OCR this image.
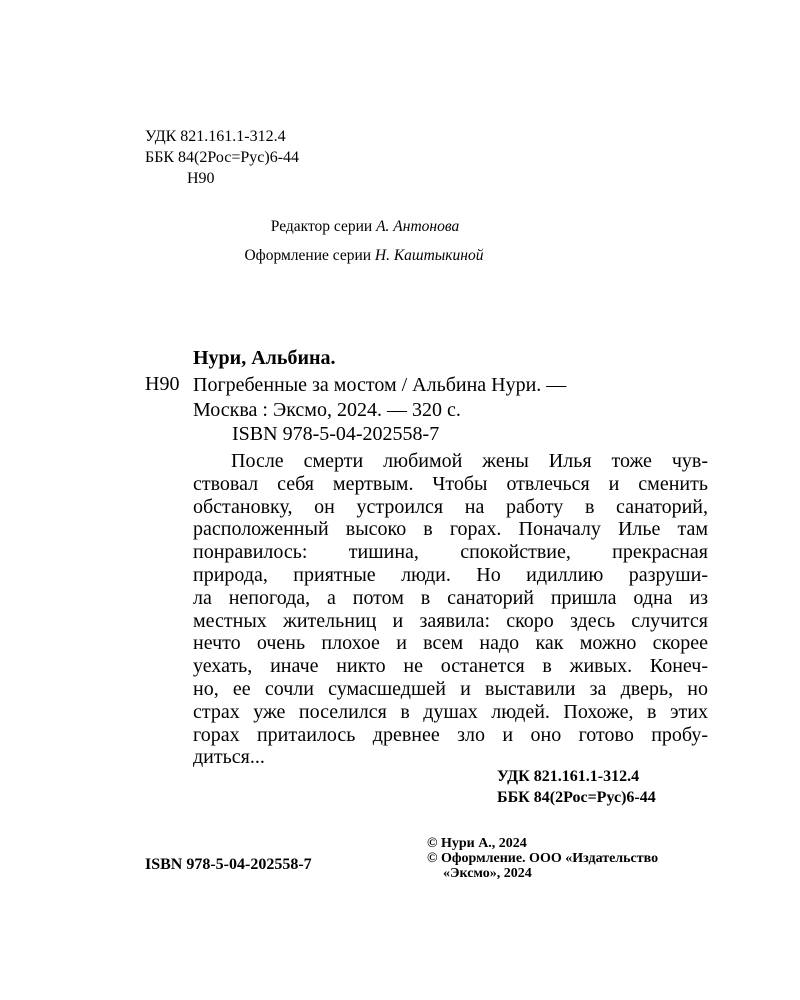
УДК 821.161.1-312.4
ББК 84(2Рос=Рус)6-44
Н90
Редактор серии А. Антонова
Оформление серии Н. Каштыкиной
Нури, Альбина.
Н90 Погребенные за мостом / Альбина Нури. —
Москва : Эксмо, 2024. — 320 с.
ISBN 978-5-04-202558-7
После смерти любимой жены Илья тоже чув-
ствовал себя мертвым. Чтобы отвлечься и сменить
обстановку, он устроился на работу в санаторий,
расположенный высоко в горах. Поначалу Илье там
понравилось: тишина, спокойствие, прекрасная
природа, приятные люди. Но идиллию разруши-
ла непогода, а потом в санаторий пришла одна из
местных жительниц и заявила: скоро здесь случится
нечто очень плохое и всем надо как можно скорее
уехать, иначе никто не останется в живых. Конеч-
но, ее сочли сумасшедшей и выставили за дверь, но
страх уже поселился в душах людей. Похоже, в этих
горах притаилось древнее зло и оно готово пробу-
диться...
УДК 821.161.1-312.4
ББК 84(2Рос=Рус)6-44
© Нури А., 2024
© Оформление. ООО «Издательство
«Эксмо», 2024
ISBN 978-5-04-202558-7
